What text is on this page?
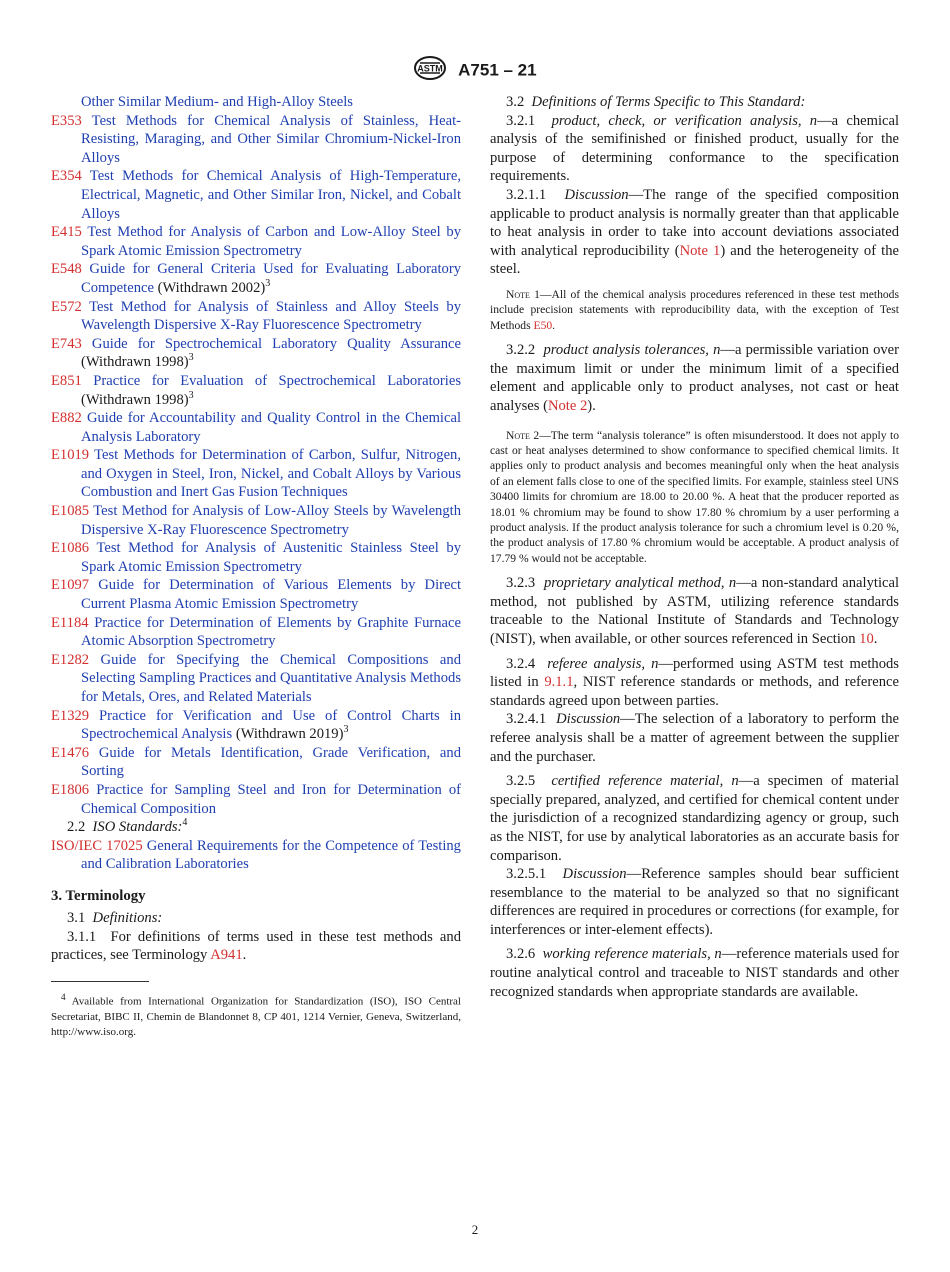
ASTM A751 – 21
Other Similar Medium- and High-Alloy Steels

E353 Test Methods for Chemical Analysis of Stainless, Heat-Resisting, Maraging, and Other Similar Chromium-Nickel-Iron Alloys

E354 Test Methods for Chemical Analysis of High-Temperature, Electrical, Magnetic, and Other Similar Iron, Nickel, and Cobalt Alloys

E415 Test Method for Analysis of Carbon and Low-Alloy Steel by Spark Atomic Emission Spectrometry

E548 Guide for General Criteria Used for Evaluating Laboratory Competence (Withdrawn 2002)$^3$

E572 Test Method for Analysis of Stainless and Alloy Steels by Wavelength Dispersive X-Ray Fluorescence Spectrometry

E743 Guide for Spectrochemical Laboratory Quality Assurance (Withdrawn 1998)$^3$

E851 Practice for Evaluation of Spectrochemical Laboratories (Withdrawn 1998)$^3$

E882 Guide for Accountability and Quality Control in the Chemical Analysis Laboratory

E1019 Test Methods for Determination of Carbon, Sulfur, Nitrogen, and Oxygen in Steel, Iron, Nickel, and Cobalt Alloys by Various Combustion and Inert Gas Fusion Techniques

E1085 Test Method for Analysis of Low-Alloy Steels by Wavelength Dispersive X-Ray Fluorescence Spectrometry

E1086 Test Method for Analysis of Austenitic Stainless Steel by Spark Atomic Emission Spectrometry

E1097 Guide for Determination of Various Elements by Direct Current Plasma Atomic Emission Spectrometry

E1184 Practice for Determination of Elements by Graphite Furnace Atomic Absorption Spectrometry

E1282 Guide for Specifying the Chemical Compositions and Selecting Sampling Practices and Quantitative Analysis Methods for Metals, Ores, and Related Materials

E1329 Practice for Verification and Use of Control Charts in Spectrochemical Analysis (Withdrawn 2019)$^3$

E1476 Guide for Metals Identification, Grade Verification, and Sorting

E1806 Practice for Sampling Steel and Iron for Determination of Chemical Composition

2.2 ISO Standards:$^4$

ISO/IEC 17025 General Requirements for the Competence of Testing and Calibration Laboratories

3. Terminology

3.1 Definitions:

3.1.1 For definitions of terms used in these test methods and practices, see Terminology A941.

$^4$ Available from International Organization for Standardization (ISO), ISO Central Secretariat, BIBC II, Chemin de Blandonnet 8, CP 401, 1214 Vernier, Geneva, Switzerland, http://www.iso.org.

3.2 Definitions of Terms Specific to This Standard:

3.2.1 product, check, or verification analysis, n—a chemical analysis of the semifinished or finished product, usually for the purpose of determining conformance to the specification requirements.

3.2.1.1 Discussion—The range of the specified composition applicable to product analysis is normally greater than that applicable to heat analysis in order to take into account deviations associated with analytical reproducibility (Note 1) and the heterogeneity of the steel.

Note 1—All of the chemical analysis procedures referenced in these test methods include precision statements with reproducibility data, with the exception of Test Methods E50.

3.2.2 product analysis tolerances, n—a permissible variation over the maximum limit or under the minimum limit of a specified element and applicable only to product analyses, not cast or heat analyses (Note 2).

Note 2—The term “analysis tolerance” is often misunderstood. It does not apply to cast or heat analyses determined to show conformance to specified chemical limits. It applies only to product analysis and becomes meaningful only when the heat analysis of an element falls close to one of the specified limits. For example, stainless steel UNS 30400 limits for chromium are 18.00 to 20.00 %. A heat that the producer reported as 18.01 % chromium may be found to show 17.80 % chromium by a user performing a product analysis. If the product analysis tolerance for such a chromium level is 0.20 %, the product analysis of 17.80 % chromium would be acceptable. A product analysis of 17.79 % would not be acceptable.

3.2.3 proprietary analytical method, n—a non-standard analytical method, not published by ASTM, utilizing reference standards traceable to the National Institute of Standards and Technology (NIST), when available, or other sources referenced in Section 10.

3.2.4 referee analysis, n—performed using ASTM test methods listed in 9.1.1, NIST reference standards or methods, and reference standards agreed upon between parties.

3.2.4.1 Discussion—The selection of a laboratory to perform the referee analysis shall be a matter of agreement between the supplier and the purchaser.

3.2.5 certified reference material, n—a specimen of material specially prepared, analyzed, and certified for chemical content under the jurisdiction of a recognized standardizing agency or group, such as the NIST, for use by analytical laboratories as an accurate basis for comparison.

3.2.5.1 Discussion—Reference samples should bear sufficient resemblance to the material to be analyzed so that no significant differences are required in procedures or corrections (for example, for interferences or inter-element effects).

3.2.6 working reference materials, n—reference materials used for routine analytical control and traceable to NIST standards and other recognized standards when appropriate standards are available.

2
